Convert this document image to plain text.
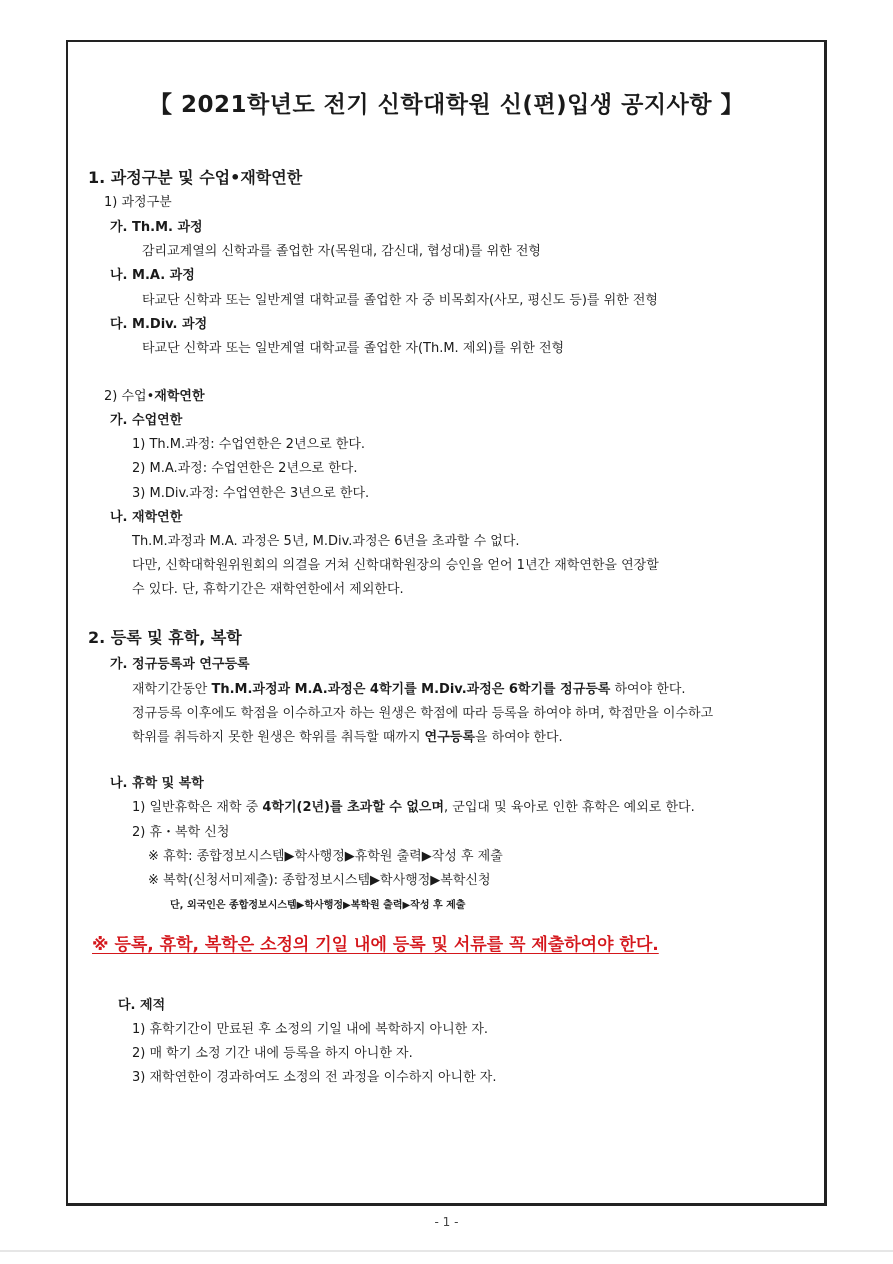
【 2021학년도 전기 신학대학원 신(편)입생 공지사항 】
1. 과정구분 및 수업•재학연한
1) 과정구분
가. Th.M. 과정
감리교계열의 신학과를 졸업한 자(목원대, 감신대, 협성대)를 위한 전형
나. M.A. 과정
타교단 신학과 또는 일반계열 대학교를 졸업한 자 중 비목회자(사모, 평신도 등)를 위한 전형
다. M.Div. 과정
타교단 신학과 또는 일반계열 대학교를 졸업한 자(Th.M. 제외)를 위한 전형
2) 수업•재학연한
가. 수업연한
1) Th.M.과정: 수업연한은 2년으로 한다.
2) M.A.과정: 수업연한은 2년으로 한다.
3) M.Div.과정: 수업연한은 3년으로 한다.
나. 재학연한
Th.M.과정과 M.A. 과정은 5년, M.Div.과정은 6년을 초과할 수 없다.
다만, 신학대학원위원회의 의결을 거쳐 신학대학원장의 승인을 얻어 1년간 재학연한을 연장할
수 있다. 단, 휴학기간은 재학연한에서 제외한다.
2. 등록 및 휴학, 복학
가. 정규등록과 연구등록
재학기간동안 Th.M.과정과 M.A.과정은 4학기를 M.Div.과정은 6학기를 정규등록 하여야 한다.
정규등록 이후에도 학점을 이수하고자 하는 원생은 학점에 따라 등록을 하여야 하며, 학점만을 이수하고
학위를 취득하지 못한 원생은 학위를 취득할 때까지 연구등록을 하여야 한다.
나. 휴학 및 복학
1) 일반휴학은 재학 중 4학기(2년)를 초과할 수 없으며, 군입대 및 육아로 인한 휴학은 예외로 한다.
2) 휴・복학 신청
※ 휴학: 종합정보시스템▶학사행정▶휴학원 출력▶작성 후 제출
※ 복학(신청서미제출): 종합정보시스템▶학사행정▶복학신청
단, 외국인은 종합정보시스템▶학사행정▶복학원 출력▶작성 후 제출
※ 등록, 휴학, 복학은 소정의 기일 내에 등록 및 서류를 꼭 제출하여야 한다.
다. 제적
1) 휴학기간이 만료된 후 소정의 기일 내에 복학하지 아니한 자.
2) 매 학기 소정 기간 내에 등록을 하지 아니한 자.
3) 재학연한이 경과하여도 소정의 전 과정을 이수하지 아니한 자.
- 1 -
